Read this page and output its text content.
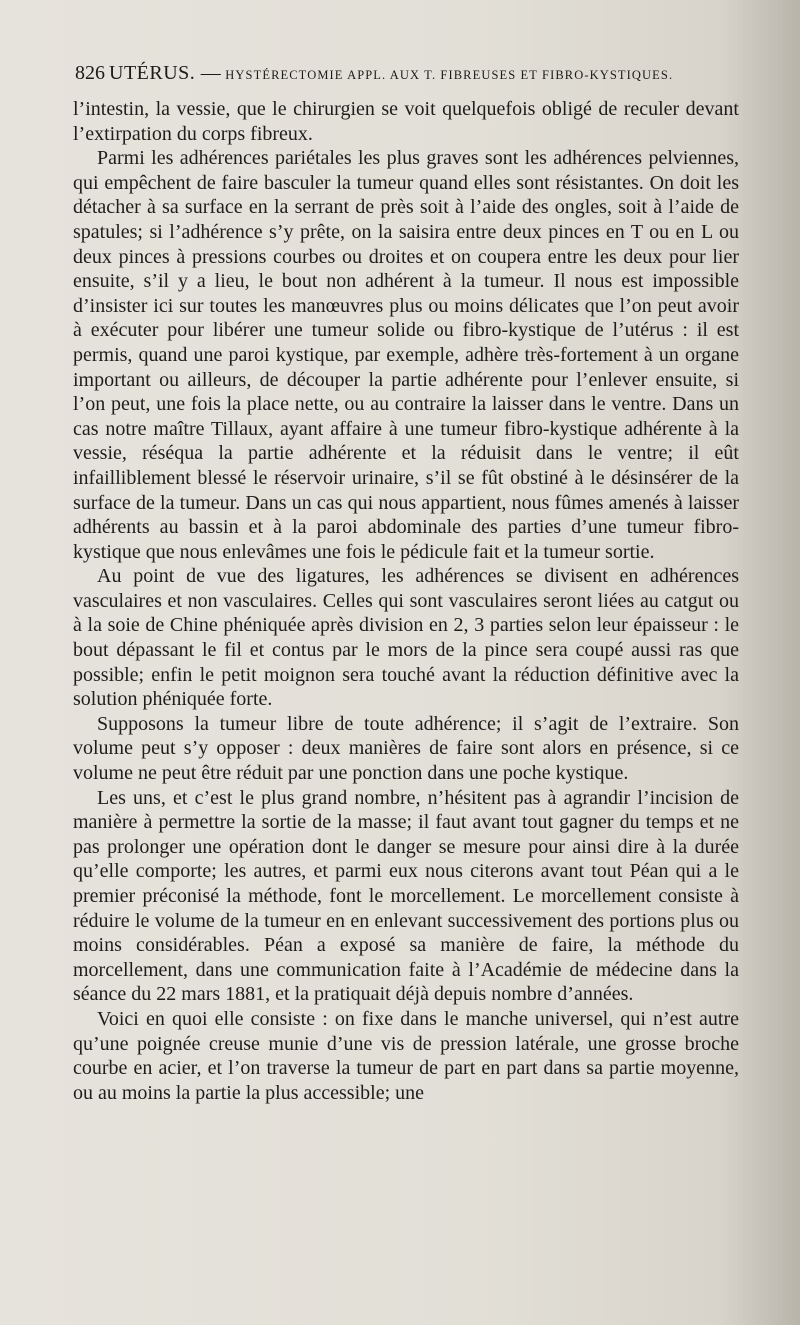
826 UTÉRUS. — HYSTÉRECTOMIE APPL. AUX T. FIBREUSES ET FIBRO-KYSTIQUES.

l’intestin, la vessie, que le chirurgien se voit quelquefois obligé de reculer devant l’extirpation du corps fibreux.

Parmi les adhérences pariétales les plus graves sont les adhérences pelviennes, qui empêchent de faire basculer la tumeur quand elles sont résistantes. On doit les détacher à sa surface en la serrant de près soit à l’aide des ongles, soit à l’aide de spatules; si l’adhérence s’y prête, on la saisira entre deux pinces en T ou en L ou deux pinces à pressions courbes ou droites et on coupera entre les deux pour lier ensuite, s’il y a lieu, le bout non adhérent à la tumeur. Il nous est impossible d’insister ici sur toutes les manœuvres plus ou moins délicates que l’on peut avoir à exécuter pour libérer une tumeur solide ou fibro-kystique de l’utérus : il est permis, quand une paroi kystique, par exemple, adhère très-fortement à un organe important ou ailleurs, de découper la partie adhérente pour l’enlever ensuite, si l’on peut, une fois la place nette, ou au contraire la laisser dans le ventre. Dans un cas notre maître Tillaux, ayant affaire à une tumeur fibro-kystique adhérente à la vessie, réséqua la partie adhérente et la réduisit dans le ventre; il eût infailliblement blessé le réservoir urinaire, s’il se fût obstiné à le désinsérer de la surface de la tumeur. Dans un cas qui nous appartient, nous fûmes amenés à laisser adhérents au bassin et à la paroi abdominale des parties d’une tumeur fibro-kystique que nous enlevâmes une fois le pédicule fait et la tumeur sortie.

Au point de vue des ligatures, les adhérences se divisent en adhérences vasculaires et non vasculaires. Celles qui sont vasculaires seront liées au catgut ou à la soie de Chine phéniquée après division en 2, 3 parties selon leur épaisseur : le bout dépassant le fil et contus par le mors de la pince sera coupé aussi ras que possible; enfin le petit moignon sera touché avant la réduction définitive avec la solution phéniquée forte.

Supposons la tumeur libre de toute adhérence; il s’agit de l’extraire. Son volume peut s’y opposer : deux manières de faire sont alors en présence, si ce volume ne peut être réduit par une ponction dans une poche kystique.

Les uns, et c’est le plus grand nombre, n’hésitent pas à agrandir l’incision de manière à permettre la sortie de la masse; il faut avant tout gagner du temps et ne pas prolonger une opération dont le danger se mesure pour ainsi dire à la durée qu’elle comporte; les autres, et parmi eux nous citerons avant tout Péan qui a le premier préconisé la méthode, font le morcellement. Le morcellement consiste à réduire le volume de la tumeur en en enlevant successivement des portions plus ou moins considérables. Péan a exposé sa manière de faire, la méthode du morcellement, dans une communication faite à l’Académie de médecine dans la séance du 22 mars 1881, et la pratiquait déjà depuis nombre d’années.

Voici en quoi elle consiste : on fixe dans le manche universel, qui n’est autre qu’une poignée creuse munie d’une vis de pression latérale, une grosse broche courbe en acier, et l’on traverse la tumeur de part en part dans sa partie moyenne, ou au moins la partie la plus accessible; une
